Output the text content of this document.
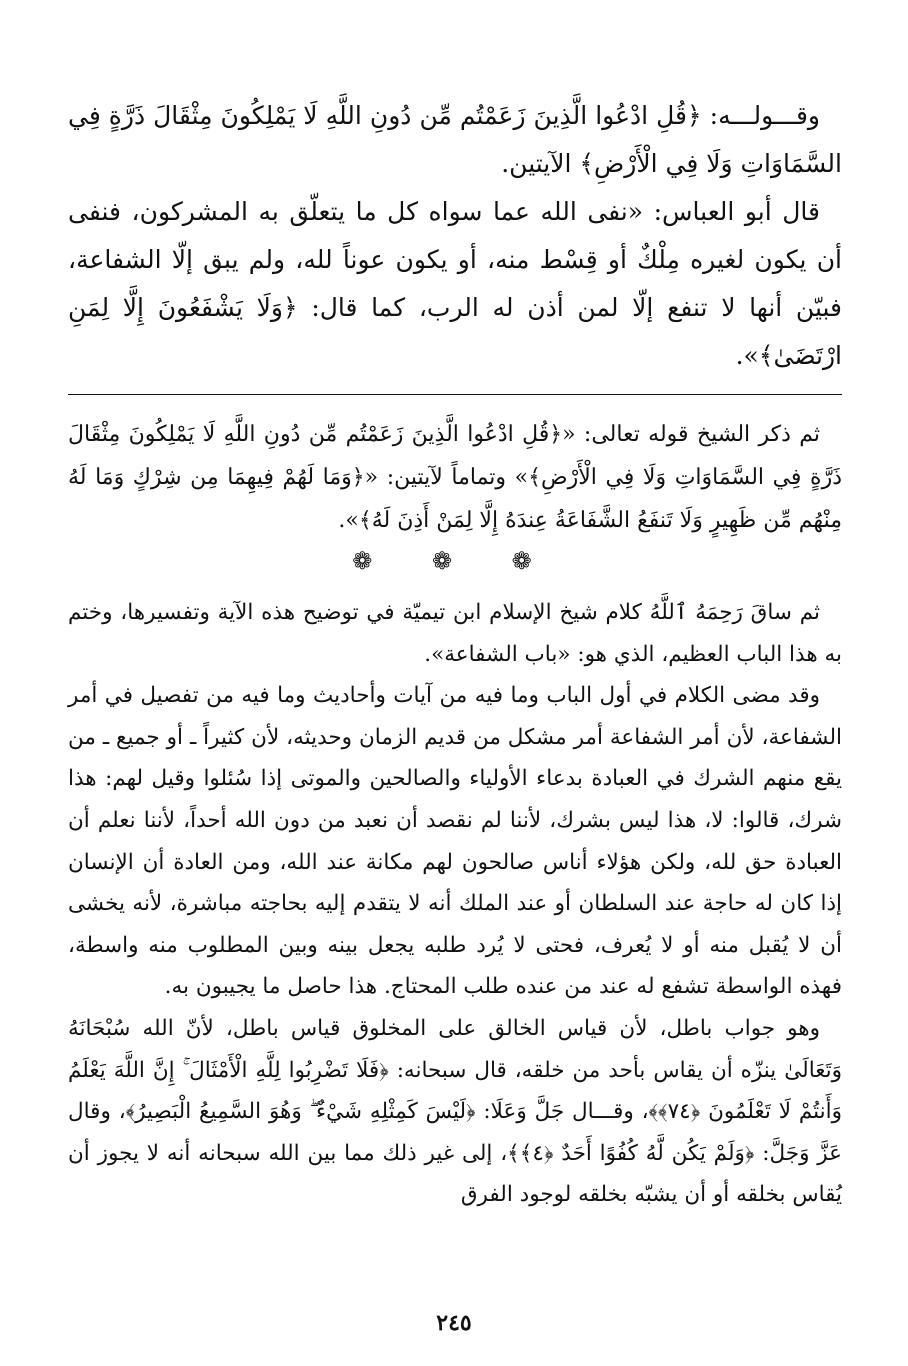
وقـــولـــه: ﴿قُلِ ادْعُوا الَّذِينَ زَعَمْتُم مِّن دُونِ اللَّهِ لَا يَمْلِكُونَ مِثْقَالَ ذَرَّةٍ فِي السَّمَاوَاتِ وَلَا فِي الْأَرْضِ﴾ الآيتين.

قال أبو العباس: «نفى الله عما سواه كل ما يتعلّق به المشركون، فنفى أن يكون لغيره مِلْكٌ أو قِسْط منه، أو يكون عوناً لله، ولم يبق إلّا الشفاعة، فبيّن أنها لا تنفع إلّا لمن أذن له الرب، كما قال: ﴿وَلَا يَشْفَعُونَ إِلَّا لِمَنِ ارْتَضَىٰ﴾».

ثم ذكر الشيخ قوله تعالى: «﴿قُلِ ادْعُوا الَّذِينَ زَعَمْتُم مِّن دُونِ اللَّهِ لَا يَمْلِكُونَ مِثْقَالَ ذَرَّةٍ فِي السَّمَاوَاتِ وَلَا فِي الْأَرْضِ﴾» وتماماً لآيتين: «﴿وَمَا لَهُمْ فِيهِمَا مِن شِرْكٍ وَمَا لَهُ مِنْهُم مِّن ظَهِيرٍ وَلَا تَنفَعُ الشَّفَاعَةُ عِندَهُ إِلَّا لِمَنْ أَذِنَ لَهُ﴾».

❁ ❁ ❁

ثم ساقَ رَحِمَهُ ٱللَّهُ كلام شيخ الإسلام ابن تيميّة في توضيح هذه الآية وتفسيرها، وختم به هذا الباب العظيم، الذي هو: «باب الشفاعة».

وقد مضى الكلام في أول الباب وما فيه من آيات وأحاديث وما فيه من تفصيل في أمر الشفاعة، لأن أمر الشفاعة أمر مشكل من قديم الزمان وحديثه، لأن كثيراً ـ أو جميع ـ من يقع منهم الشرك في العبادة بدعاء الأولياء والصالحين والموتى إذا سُئلوا وقيل لهم: هذا شرك، قالوا: لا، هذا ليس بشرك، لأننا لم نقصد أن نعبد من دون الله أحداً، لأننا نعلم أن العبادة حق لله، ولكن هؤلاء أناس صالحون لهم مكانة عند الله، ومن العادة أن الإنسان إذا كان له حاجة عند السلطان أو عند الملك أنه لا يتقدم إليه بحاجته مباشرة، لأنه يخشى أن لا يُقبل منه أو لا يُعرف، فحتى لا يُرد طلبه يجعل بينه وبين المطلوب منه واسطة، فهذه الواسطة تشفع له عند من عنده طلب المحتاج. هذا حاصل ما يجيبون به.

وهو جواب باطل، لأن قياس الخالق على المخلوق قياس باطل، لأنّ الله سُبْحَانَهُ وَتَعَالَىٰ ينزّه أن يقاس بأحد من خلقه، قال سبحانه: ﴿فَلَا تَضْرِبُوا لِلَّهِ الْأَمْثَالَ ۚ إِنَّ اللَّهَ يَعْلَمُ وَأَنتُمْ لَا تَعْلَمُونَ ﴿٧٤﴾﴾، وقـــال جَلَّ وَعَلَا: ﴿لَيْسَ كَمِثْلِهِ شَيْءٌ ۖ وَهُوَ السَّمِيعُ الْبَصِيرُ﴾، وقال عَزَّ وَجَلَّ: ﴿وَلَمْ يَكُن لَّهُ كُفُوًا أَحَدٌ ﴿٤﴾﴾، إلى غير ذلك مما بين الله سبحانه أنه لا يجوز أن يُقاس بخلقه أو أن يشبّه بخلقه لوجود الفرق

٢٤٥
